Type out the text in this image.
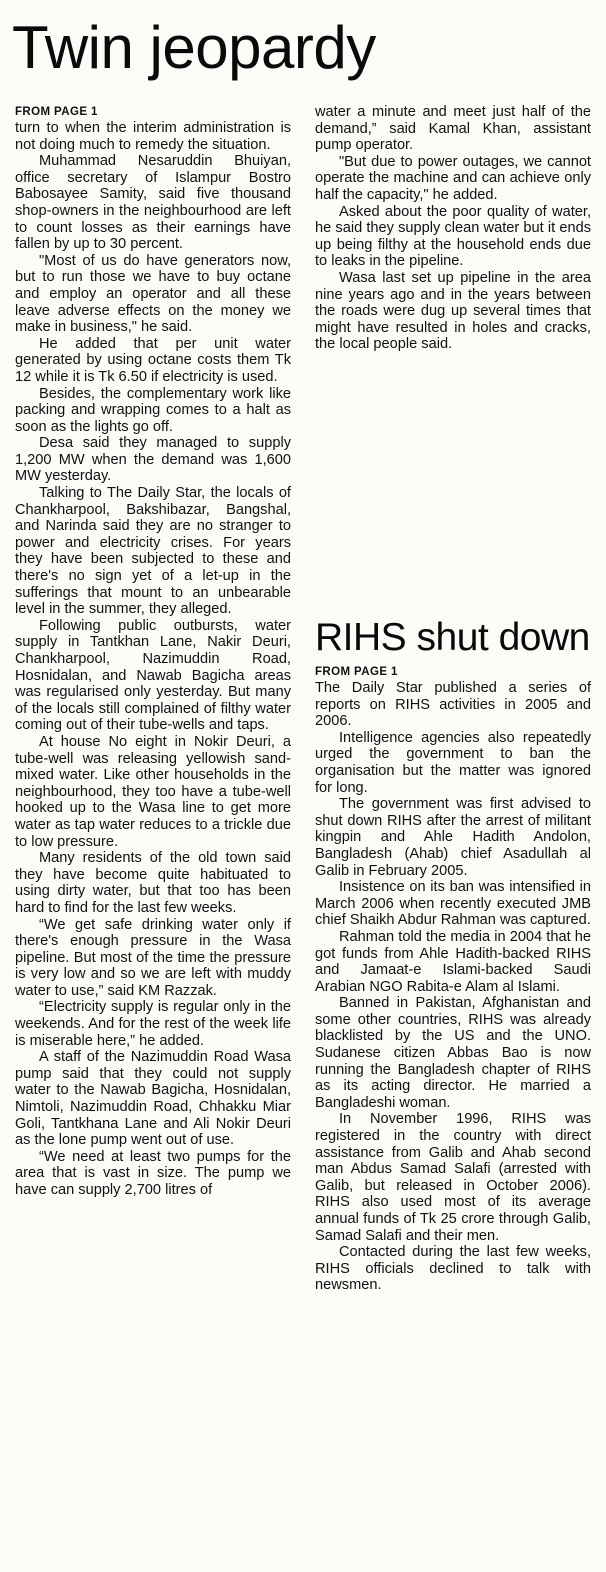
Twin jeopardy
FROM PAGE 1

turn to when the interim administration is not doing much to remedy the situation.

Muhammad Nesaruddin Bhuiyan, office secretary of Islampur Bostro Babosayee Samity, said five thousand shop-owners in the neighbourhood are left to count losses as their earnings have fallen by up to 30 percent.

"Most of us do have generators now, but to run those we have to buy octane and employ an operator and all these leave adverse effects on the money we make in business," he said.

He added that per unit water generated by using octane costs them Tk 12 while it is Tk 6.50 if electricity is used.

Besides, the complementary work like packing and wrapping comes to a halt as soon as the lights go off.

Desa said they managed to supply 1,200 MW when the demand was 1,600 MW yesterday.

Talking to The Daily Star, the locals of Chankharpool, Bakshibazar, Bangshal, and Narinda said they are no stranger to power and electricity crises. For years they have been subjected to these and there's no sign yet of a let-up in the sufferings that mount to an unbearable level in the summer, they alleged.

Following public outbursts, water supply in Tantkhan Lane, Nakir Deuri, Chankharpool, Nazimuddin Road, Hosnidalan, and Nawab Bagicha areas was regularised only yesterday. But many of the locals still complained of filthy water coming out of their tube-wells and taps.

At house No eight in Nokir Deuri, a tube-well was releasing yellowish sand-mixed water. Like other households in the neighbourhood, they too have a tube-well hooked up to the Wasa line to get more water as tap water reduces to a trickle due to low pressure.

Many residents of the old town said they have become quite habituated to using dirty water, but that too has been hard to find for the last few weeks.

“We get safe drinking water only if there's enough pressure in the Wasa pipeline. But most of the time the pressure is very low and so we are left with muddy water to use,” said KM Razzak.

“Electricity supply is regular only in the weekends. And for the rest of the week life is miserable here,” he added.

A staff of the Nazimuddin Road Wasa pump said that they could not supply water to the Nawab Bagicha, Hosnidalan, Nimtoli, Nazimuddin Road, Chhakku Miar Goli, Tantkhana Lane and Ali Nokir Deuri as the lone pump went out of use.

“We need at least two pumps for the area that is vast in size. The pump we have can supply 2,700 litres of

water a minute and meet just half of the demand,” said Kamal Khan, assistant pump operator.

"But due to power outages, we cannot operate the machine and can achieve only half the capacity," he added.

Asked about the poor quality of water, he said they supply clean water but it ends up being filthy at the household ends due to leaks in the pipeline.

Wasa last set up pipeline in the area nine years ago and in the years between the roads were dug up several times that might have resulted in holes and cracks, the local people said.

RIHS shut down
FROM PAGE 1

The Daily Star published a series of reports on RIHS activities in 2005 and 2006.

Intelligence agencies also repeatedly urged the government to ban the organisation but the matter was ignored for long.

The government was first advised to shut down RIHS after the arrest of militant kingpin and Ahle Hadith Andolon, Bangladesh (Ahab) chief Asadullah al Galib in February 2005.

Insistence on its ban was intensified in March 2006 when recently executed JMB chief Shaikh Abdur Rahman was captured.

Rahman told the media in 2004 that he got funds from Ahle Hadith-backed RIHS and Jamaat-e Islami-backed Saudi Arabian NGO Rabita-e Alam al Islami.

Banned in Pakistan, Afghanistan and some other countries, RIHS was already blacklisted by the US and the UNO. Sudanese citizen Abbas Bao is now running the Bangladesh chapter of RIHS as its acting director. He married a Bangladeshi woman.

In November 1996, RIHS was registered in the country with direct assistance from Galib and Ahab second man Abdus Samad Salafi (arrested with Galib, but released in October 2006). RIHS also used most of its average annual funds of Tk 25 crore through Galib, Samad Salafi and their men.

Contacted during the last few weeks, RIHS officials declined to talk with newsmen.
